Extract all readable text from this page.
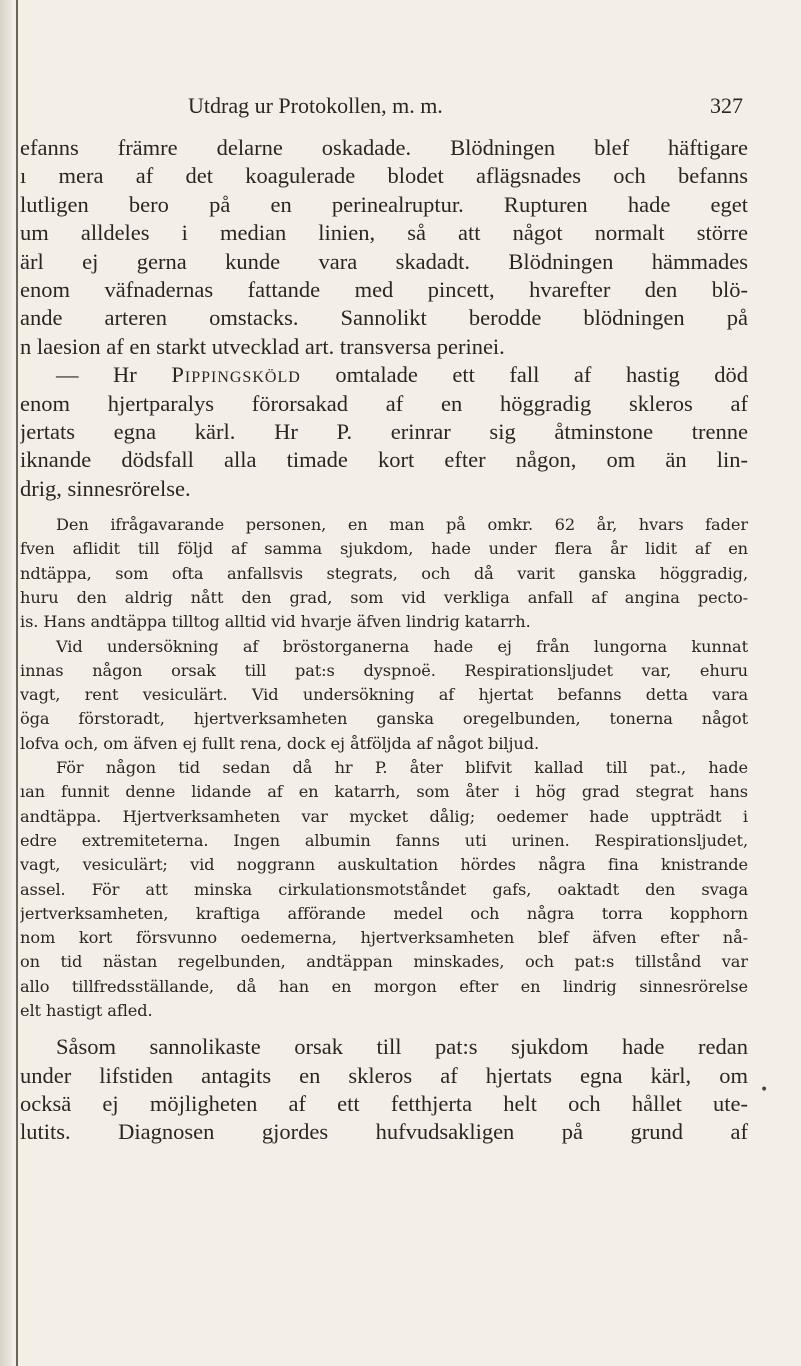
Utdrag ur Protokollen, m. m.	327
efanns främre delarne oskadade. Blödningen blef häftigare
ı mera af det koagulerade blodet aflägsnades och befanns
lutligen bero på en perinealruptur. Rupturen hade eget
um alldeles i median linien, så att något normalt större
ärl ej gerna kunde vara skadadt. Blödningen hämmades
enom väfnadernas fattande med pincett, hvarefter den blö-
ande arteren omstacks. Sannolikt berodde blödningen på
n laesion af en starkt utvecklad art. transversa perinei.
— Hr Pippingsköld omtalade ett fall af hastig död
enom hjertparalys förorsakad af en höggradig skleros af
jertats egna kärl. Hr P. erinrar sig åtminstone trenne
iknande dödsfall alla timade kort efter någon, om än lin-
drig, sinnesrörelse.
Den ifrågavarande personen, en man på omkr. 62 år, hvars fader
fven aflidit till följd af samma sjukdom, hade under flera år lidit af en
ndtäppa, som ofta anfallsvis stegrats, och då varit ganska höggradig,
huru den aldrig nått den grad, som vid verkliga anfall af angina pecto-
is. Hans andtäppa tilltog alltid vid hvarje äfven lindrig katarrh.
Vid undersökning af bröstorganerna hade ej från lungorna kunnat
innas någon orsak till pat:s dyspnoë. Respirationsljudet var, ehuru
vagt, rent vesiculärt. Vid undersökning af hjertat befanns detta vara
öga förstoradt, hjertverksamheten ganska oregelbunden, tonerna något
lofva och, om äfven ej fullt rena, dock ej åtföljda af något biljud.
För någon tid sedan då hr P. åter blifvit kallad till pat., hade
ıan funnit denne lidande af en katarrh, som åter i hög grad stegrat hans
andtäppa. Hjertverksamheten var mycket dålig; oedemer hade uppträdt i
edre extremiteterna. Ingen albumin fanns uti urinen. Respirationsljudet,
vagt, vesiculärt; vid noggrann auskultation hördes några fina knistrande
assel. För att minska cirkulationsmotståndet gafs, oaktadt den svaga
jertverksamheten, kraftiga afförande medel och några torra kopphorn
nom kort försvunno oedemerna, hjertverksamheten blef äfven efter nå-
on tid nästan regelbunden, andtäppan minskades, och pat:s tillstånd var
allo tillfredsställande, då han en morgon efter en lindrig sinnesrörelse
elt hastigt afled.
Såsom sannolikaste orsak till pat:s sjukdom hade redan
under lifstiden antagits en skleros af hjertats egna kärl, om
ocksä ej möjligheten af ett fetthjerta helt och hållet ute-
lutits. Diagnosen gjordes hufvudsakligen på grund af
•
